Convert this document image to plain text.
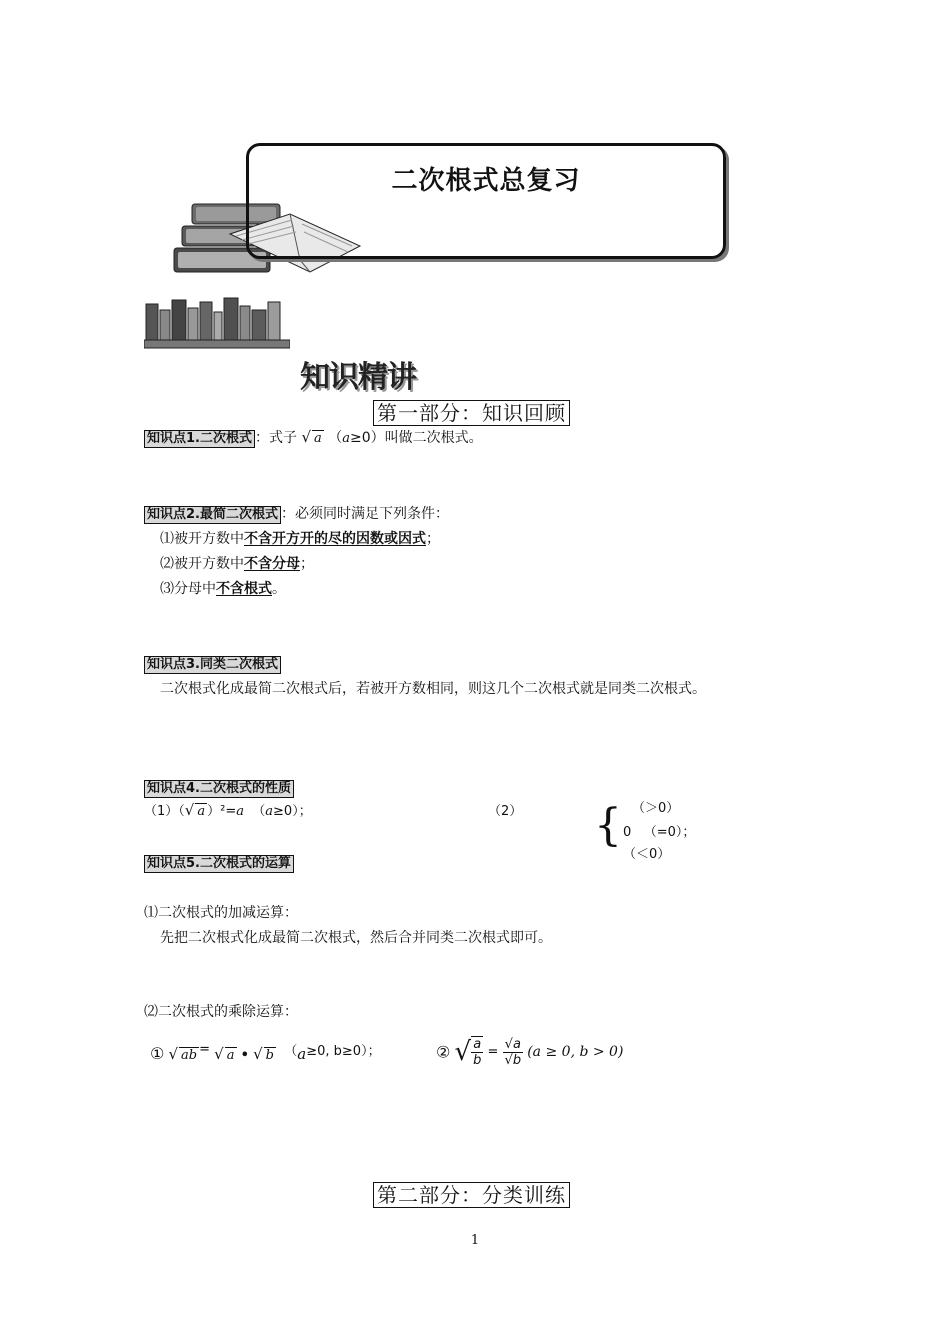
二次根式总复习
知识精讲
第一部分：知识回顾
知识点1.二次根式 ：式子 √ a （a≥0）叫做二次根式。
知识点2.最简二次根式 ：必须同时满足下列条件：
⑴被开方数中不含开方开的尽的因数或因式；
⑵被开方数中不含分母；
⑶分母中不含根式。
知识点3.同类二次根式
二次根式化成最简二次根式后，若被开方数相同，则这几个二次根式就是同类二次根式。
知识点4.二次根式的性质
（1）（√ a ）²=a （a≥0）；	（2） { （＞0）
0 （=0）；
（＜0）
知识点5.二次根式的运算
⑴二次根式的加减运算：
先把二次根式化成最简二次根式，然后合并同类二次根式即可。
⑵二次根式的乘除运算：
① √ ab = √ a • √ b （a≥0, b≥0）；	② √ $\frac{a}{b} = \frac{√a}{√b} (a \ge 0$, b > 0)
第二部分：分类训练
1
